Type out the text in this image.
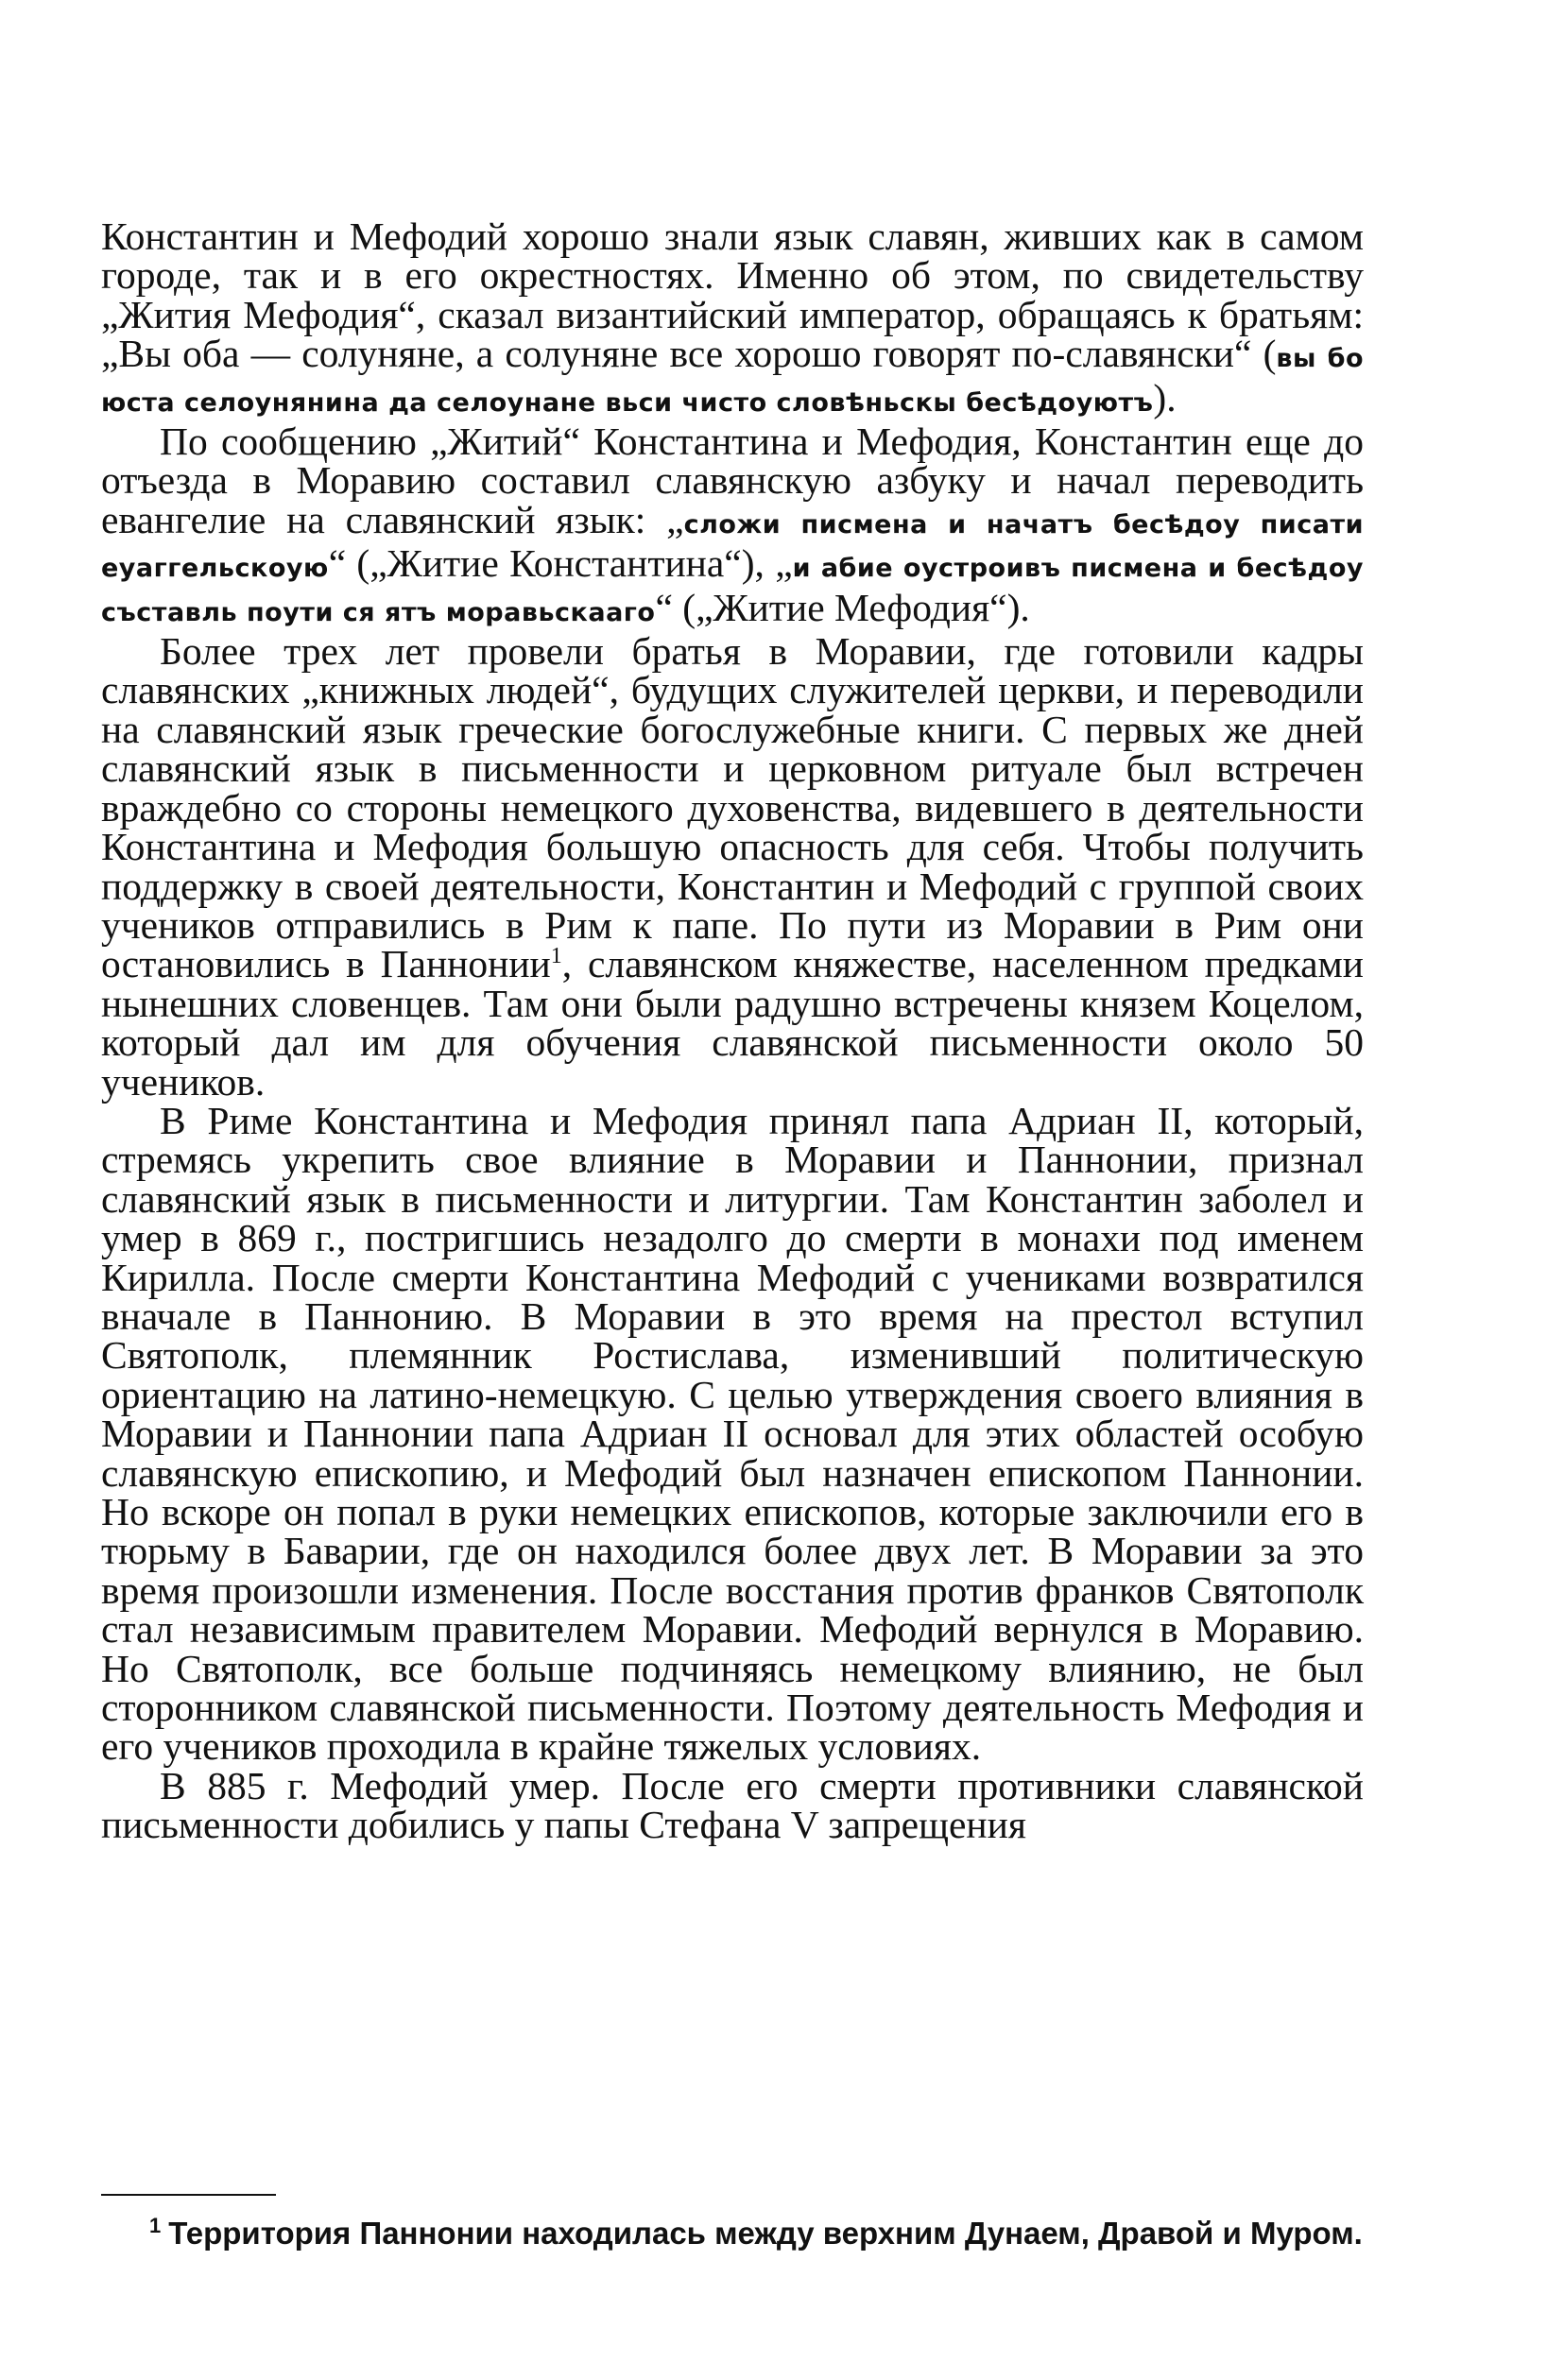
Константин и Мефодий хорошо знали язык славян, живших как в самом городе, так и в его окрестностях. Именно об этом, по свидетельству „Жития Мефодия“, сказал византийский император, обращаясь к братьям: „Вы оба — солуняне, а солуняне все хорошо говорят по-славянски“ (вы бо юста селоунянина да селоунане вьси чисто словѣньскы бесѣдоуютъ).

По сообщению „Житий“ Константина и Мефодия, Константин еще до отъезда в Моравию составил славянскую азбуку и начал переводить евангелие на славянский язык: „сложи писмена и начатъ бесѣдоу писати еуаггельскоую“ („Житие Константина“), „и абие оустроивъ писмена и бесѣдоу съставль поути ся ятъ моравьскааго“ („Житие Мефодия“).

Более трех лет провели братья в Моравии, где готовили кадры славянских „книжных людей“, будущих служителей церкви, и переводили на славянский язык греческие богослужебные книги. С первых же дней славянский язык в письменности и церковном ритуале был встречен враждебно со стороны немецкого духовенства, видевшего в деятельности Константина и Мефодия большую опасность для себя. Чтобы получить поддержку в своей деятельности, Константин и Мефодий с группой своих учеников отправились в Рим к папе. По пути из Моравии в Рим они остановились в Паннонии$^1$, славянском княжестве, населенном предками нынешних словенцев. Там они были радушно встречены князем Коцелом, который дал им для обучения славянской письменности около 50 учеников.

В Риме Константина и Мефодия принял папа Адриан II, который, стремясь укрепить свое влияние в Моравии и Паннонии, признал славянский язык в письменности и литургии. Там Константин заболел и умер в 869 г., постригшись незадолго до смерти в монахи под именем Кирилла. После смерти Константина Мефодий с учениками возвратился вначале в Паннонию. В Моравии в это время на престол вступил Святополк, племянник Ростислава, изменивший политическую ориентацию на латино-немецкую. С целью утверждения своего влияния в Моравии и Паннонии папа Адриан II основал для этих областей особую славянскую епископию, и Мефодий был назначен епископом Паннонии. Но вскоре он попал в руки немецких епископов, которые заключили его в тюрьму в Баварии, где он находился более двух лет. В Моравии за это время произошли изменения. После восстания против франков Святополк стал независимым правителем Моравии. Мефодий вернулся в Моравию. Но Святополк, все больше подчиняясь немецкому влиянию, не был сторонником славянской письменности. Поэтому деятельность Мефодия и его учеников проходила в крайне тяжелых условиях.

В 885 г. Мефодий умер. После его смерти противники славянской письменности добились у папы Стефана V запрещения

$^1$ Территория Паннонии находилась между верхним Дунаем, Дравой и Муром.
